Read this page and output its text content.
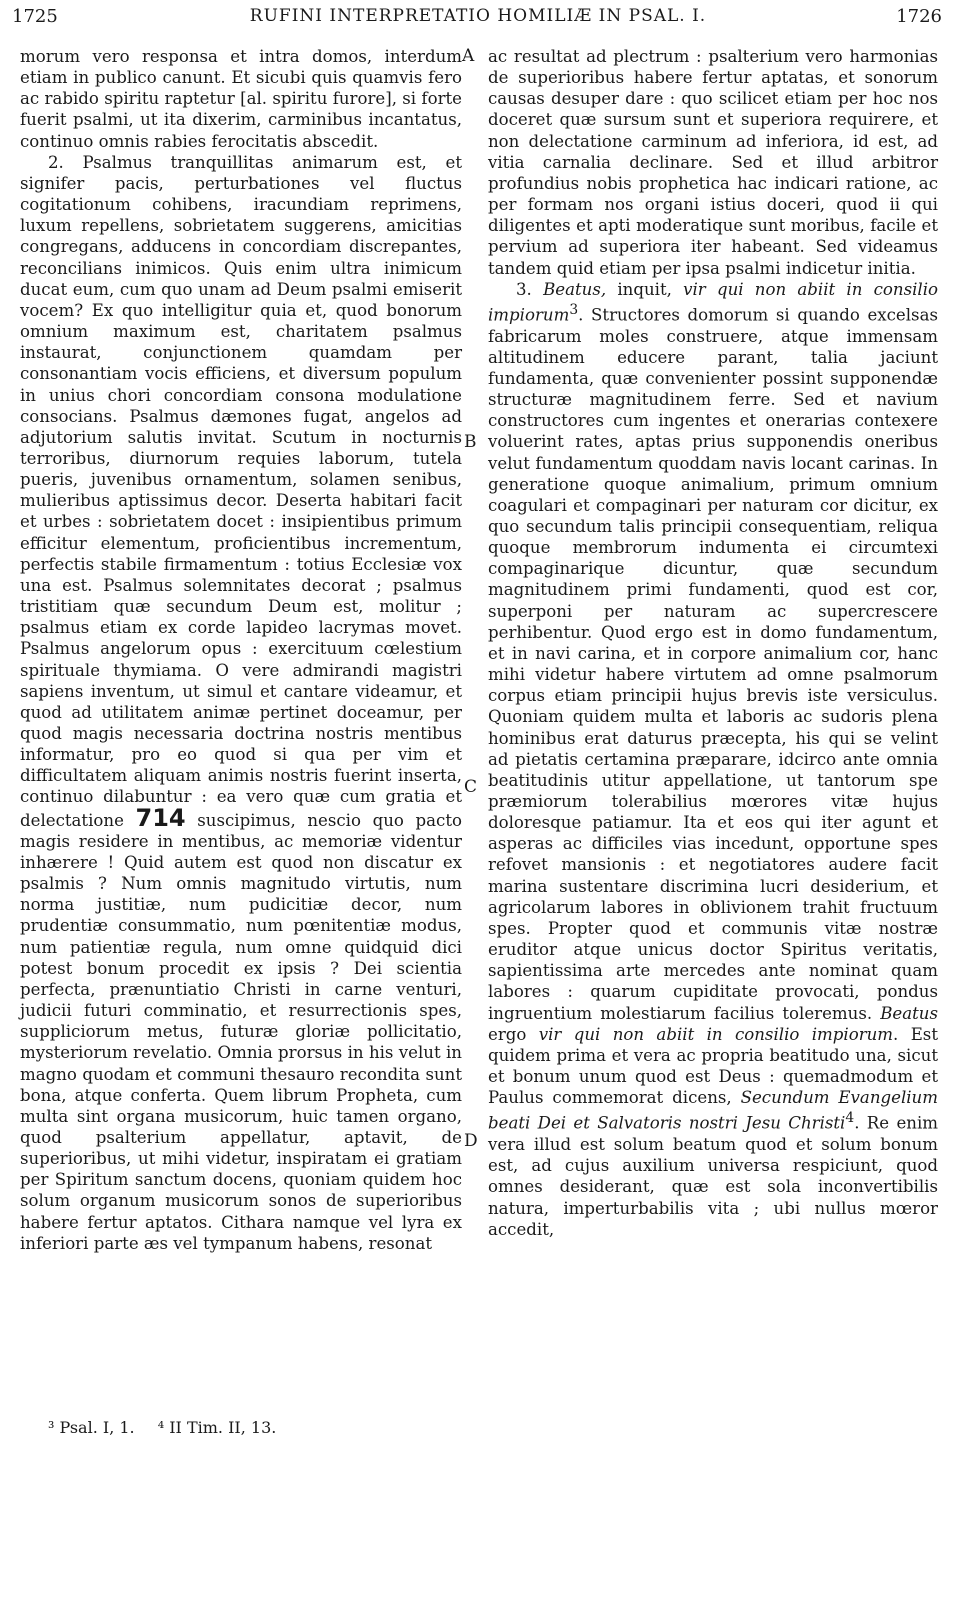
1725	RUFINI INTERPRETATIO HOMILIÆ IN PSAL. I.	1726

morum vero responsa et intra domos, interdum etiam in publico canunt. Et sicubi quis quamvis fero ac rabido spiritu raptetur [al. spiritu furore], si forte fuerit psalmi, ut ita dixerim, carminibus incantatus, continuo omnis rabies ferocitatis abscedit.

2. Psalmus tranquillitas animarum est, et signifer pacis, perturbationes vel fluctus cogitationum cohibens, iracundiam reprimens, luxum repellens, sobrietatem suggerens, amicitias congregans, adducens in concordiam discrepantes, reconcilians inimicos. Quis enim ultra inimicum ducat eum, cum quo unam ad Deum psalmi emiserit vocem? Ex quo intelligitur quia et, quod bonorum omnium maximum est, charitatem psalmus instaurat, conjunctionem quamdam per consonantiam vocis efficiens, et diversum populum in unius chori concordiam consona modulatione consocians. Psalmus dæmones fugat, angelos ad adjutorium salutis invitat. Scutum in nocturnis terroribus, diurnorum requies laborum, tutela pueris, juvenibus ornamentum, solamen senibus, mulieribus aptissimus decor. Deserta habitari facit et urbes : sobrietatem docet : insipientibus primum efficitur elementum, proficientibus incrementum, perfectis stabile firmamentum : totius Ecclesiæ vox una est. Psalmus solemnitates decorat ; psalmus tristitiam quæ secundum Deum est, molitur ; psalmus etiam ex corde lapideo lacrymas movet. Psalmus angelorum opus : exercituum cœlestium spirituale thymiama. O vere admirandi magistri sapiens inventum, ut simul et cantare videamur, et quod ad utilitatem animæ pertinet doceamur, per quod magis necessaria doctrina nostris mentibus informatur, pro eo quod si qua per vim et difficultatem aliquam animis nostris fuerint inserta, continuo dilabuntur : ea vero quæ cum gratia et delectatione 714 suscipimus, nescio quo pacto magis residere in mentibus, ac memoriæ videntur inhærere ! Quid autem est quod non discatur ex psalmis ? Num omnis magnitudo virtutis, num norma justitiæ, num pudicitiæ decor, num prudentiæ consummatio, num pœnitentiæ modus, num patientiæ regula, num omne quidquid dici potest bonum procedit ex ipsis ? Dei scientia perfecta, prænuntiatio Christi in carne venturi, judicii futuri comminatio, et resurrectionis spes, suppliciorum metus, futuræ gloriæ pollicitatio, mysteriorum revelatio. Omnia prorsus in his velut in magno quodam et communi thesauro recondita sunt bona, atque conferta. Quem librum Propheta, cum multa sint organa musicorum, huic tamen organo, quod psalterium appellatur, aptavit, de superioribus, ut mihi videtur, inspiratam ei gratiam per Spiritum sanctum docens, quoniam quidem hoc solum organum musicorum sonos de superioribus habere fertur aptatos. Cithara namque vel lyra ex inferiori parte æs vel tympanum habens, resonat

A
B
C
D

ac resultat ad plectrum : psalterium vero harmonias de superioribus habere fertur aptatas, et sonorum causas desuper dare : quo scilicet etiam per hoc nos doceret quæ sursum sunt et superiora requirere, et non delectatione carminum ad inferiora, id est, ad vitia carnalia declinare. Sed et illud arbitror profundius nobis prophetica hac indicari ratione, ac per formam nos organi istius doceri, quod ii qui diligentes et apti moderatique sunt moribus, facile et pervium ad superiora iter habeant. Sed videamus tandem quid etiam per ipsa psalmi indicetur initia.

3. Beatus, inquit, vir qui non abiit in consilio impiorum$^3$. Structores domorum si quando excelsas fabricarum moles construere, atque immensam altitudinem educere parant, talia jaciunt fundamenta, quæ convenienter possint supponendæ structuræ magnitudinem ferre. Sed et navium constructores cum ingentes et onerarias contexere voluerint rates, aptas prius supponendis oneribus velut fundamentum quoddam navis locant carinas. In generatione quoque animalium, primum omnium coagulari et compaginari per naturam cor dicitur, ex quo secundum talis principii consequentiam, reliqua quoque membrorum indumenta ei circumtexi compaginarique dicuntur, quæ secundum magnitudinem primi fundamenti, quod est cor, superponi per naturam ac supercrescere perhibentur. Quod ergo est in domo fundamentum, et in navi carina, et in corpore animalium cor, hanc mihi videtur habere virtutem ad omne psalmorum corpus etiam principii hujus brevis iste versiculus. Quoniam quidem multa et laboris ac sudoris plena hominibus erat daturus præcepta, his qui se velint ad pietatis certamina præparare, idcirco ante omnia beatitudinis utitur appellatione, ut tantorum spe præmiorum tolerabilius mœrores vitæ hujus doloresque patiamur. Ita et eos qui iter agunt et asperas ac difficiles vias incedunt, opportune spes refovet mansionis : et negotiatores audere facit marina sustentare discrimina lucri desiderium, et agricolarum labores in oblivionem trahit fructuum spes. Propter quod et communis vitæ nostræ eruditor atque unicus doctor Spiritus veritatis, sapientissima arte mercedes ante nominat quam labores : quarum cupiditate provocati, pondus ingruentium molestiarum facilius toleremus. Beatus ergo vir qui non abiit in consilio impiorum. Est quidem prima et vera ac propria beatitudo una, sicut et bonum unum quod est Deus : quemadmodum et Paulus commemorat dicens, Secundum Evangelium beati Dei et Salvatoris nostri Jesu Christi$^4$. Re enim vera illud est solum beatum quod et solum bonum est, ad cujus auxilium universa respiciunt, quod omnes desiderant, quæ est sola inconvertibilis natura, imperturbabilis vita ; ubi nullus mœror accedit,

³ Psal. I, 1. ⁴ II Tim. II, 13.
